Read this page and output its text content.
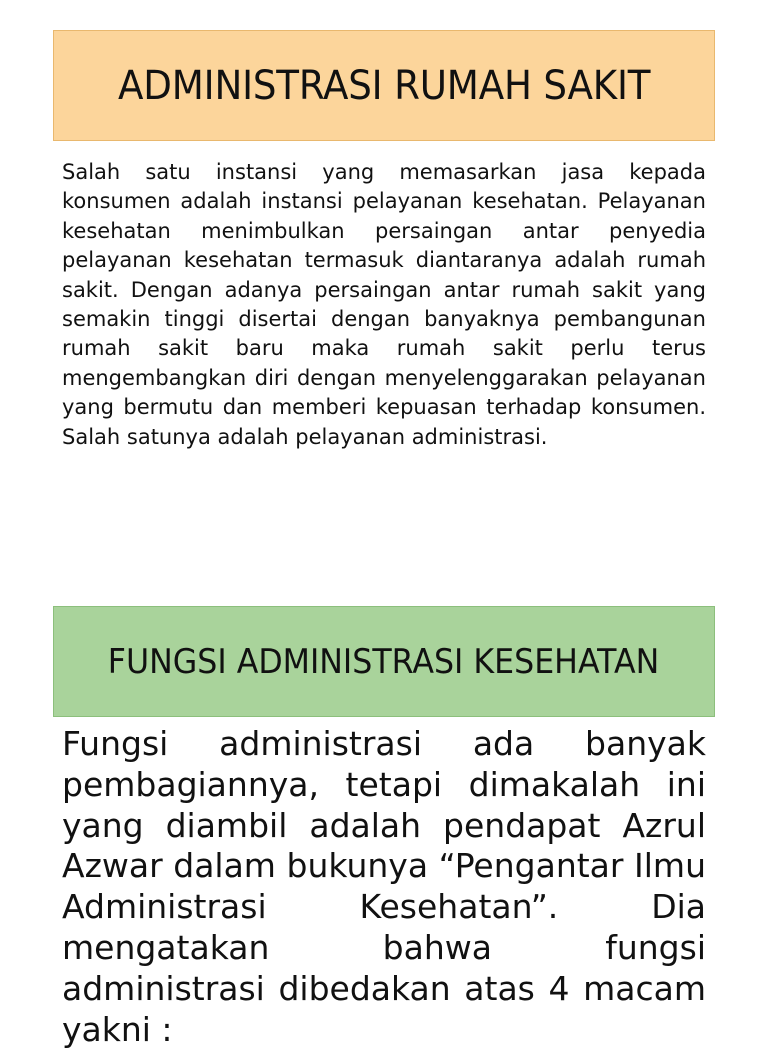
ADMINISTRASI RUMAH SAKIT

Salah satu instansi yang memasarkan jasa kepada konsumen adalah instansi pelayanan kesehatan. Pelayanan kesehatan menimbulkan persaingan antar penyedia pelayanan kesehatan termasuk diantaranya adalah rumah sakit. Dengan adanya persaingan antar rumah sakit yang semakin tinggi disertai dengan banyaknya pembangunan rumah sakit baru maka rumah sakit perlu terus mengembangkan diri dengan menyelenggarakan pelayanan yang bermutu dan memberi kepuasan terhadap konsumen. Salah satunya adalah pelayanan administrasi.

FUNGSI ADMINISTRASI KESEHATAN

Fungsi administrasi ada banyak pembagiannya, tetapi dimakalah ini yang diambil adalah pendapat Azrul Azwar dalam bukunya “Pengantar Ilmu Administrasi Kesehatan”. Dia mengatakan bahwa fungsi administrasi dibedakan atas 4 macam yakni :
